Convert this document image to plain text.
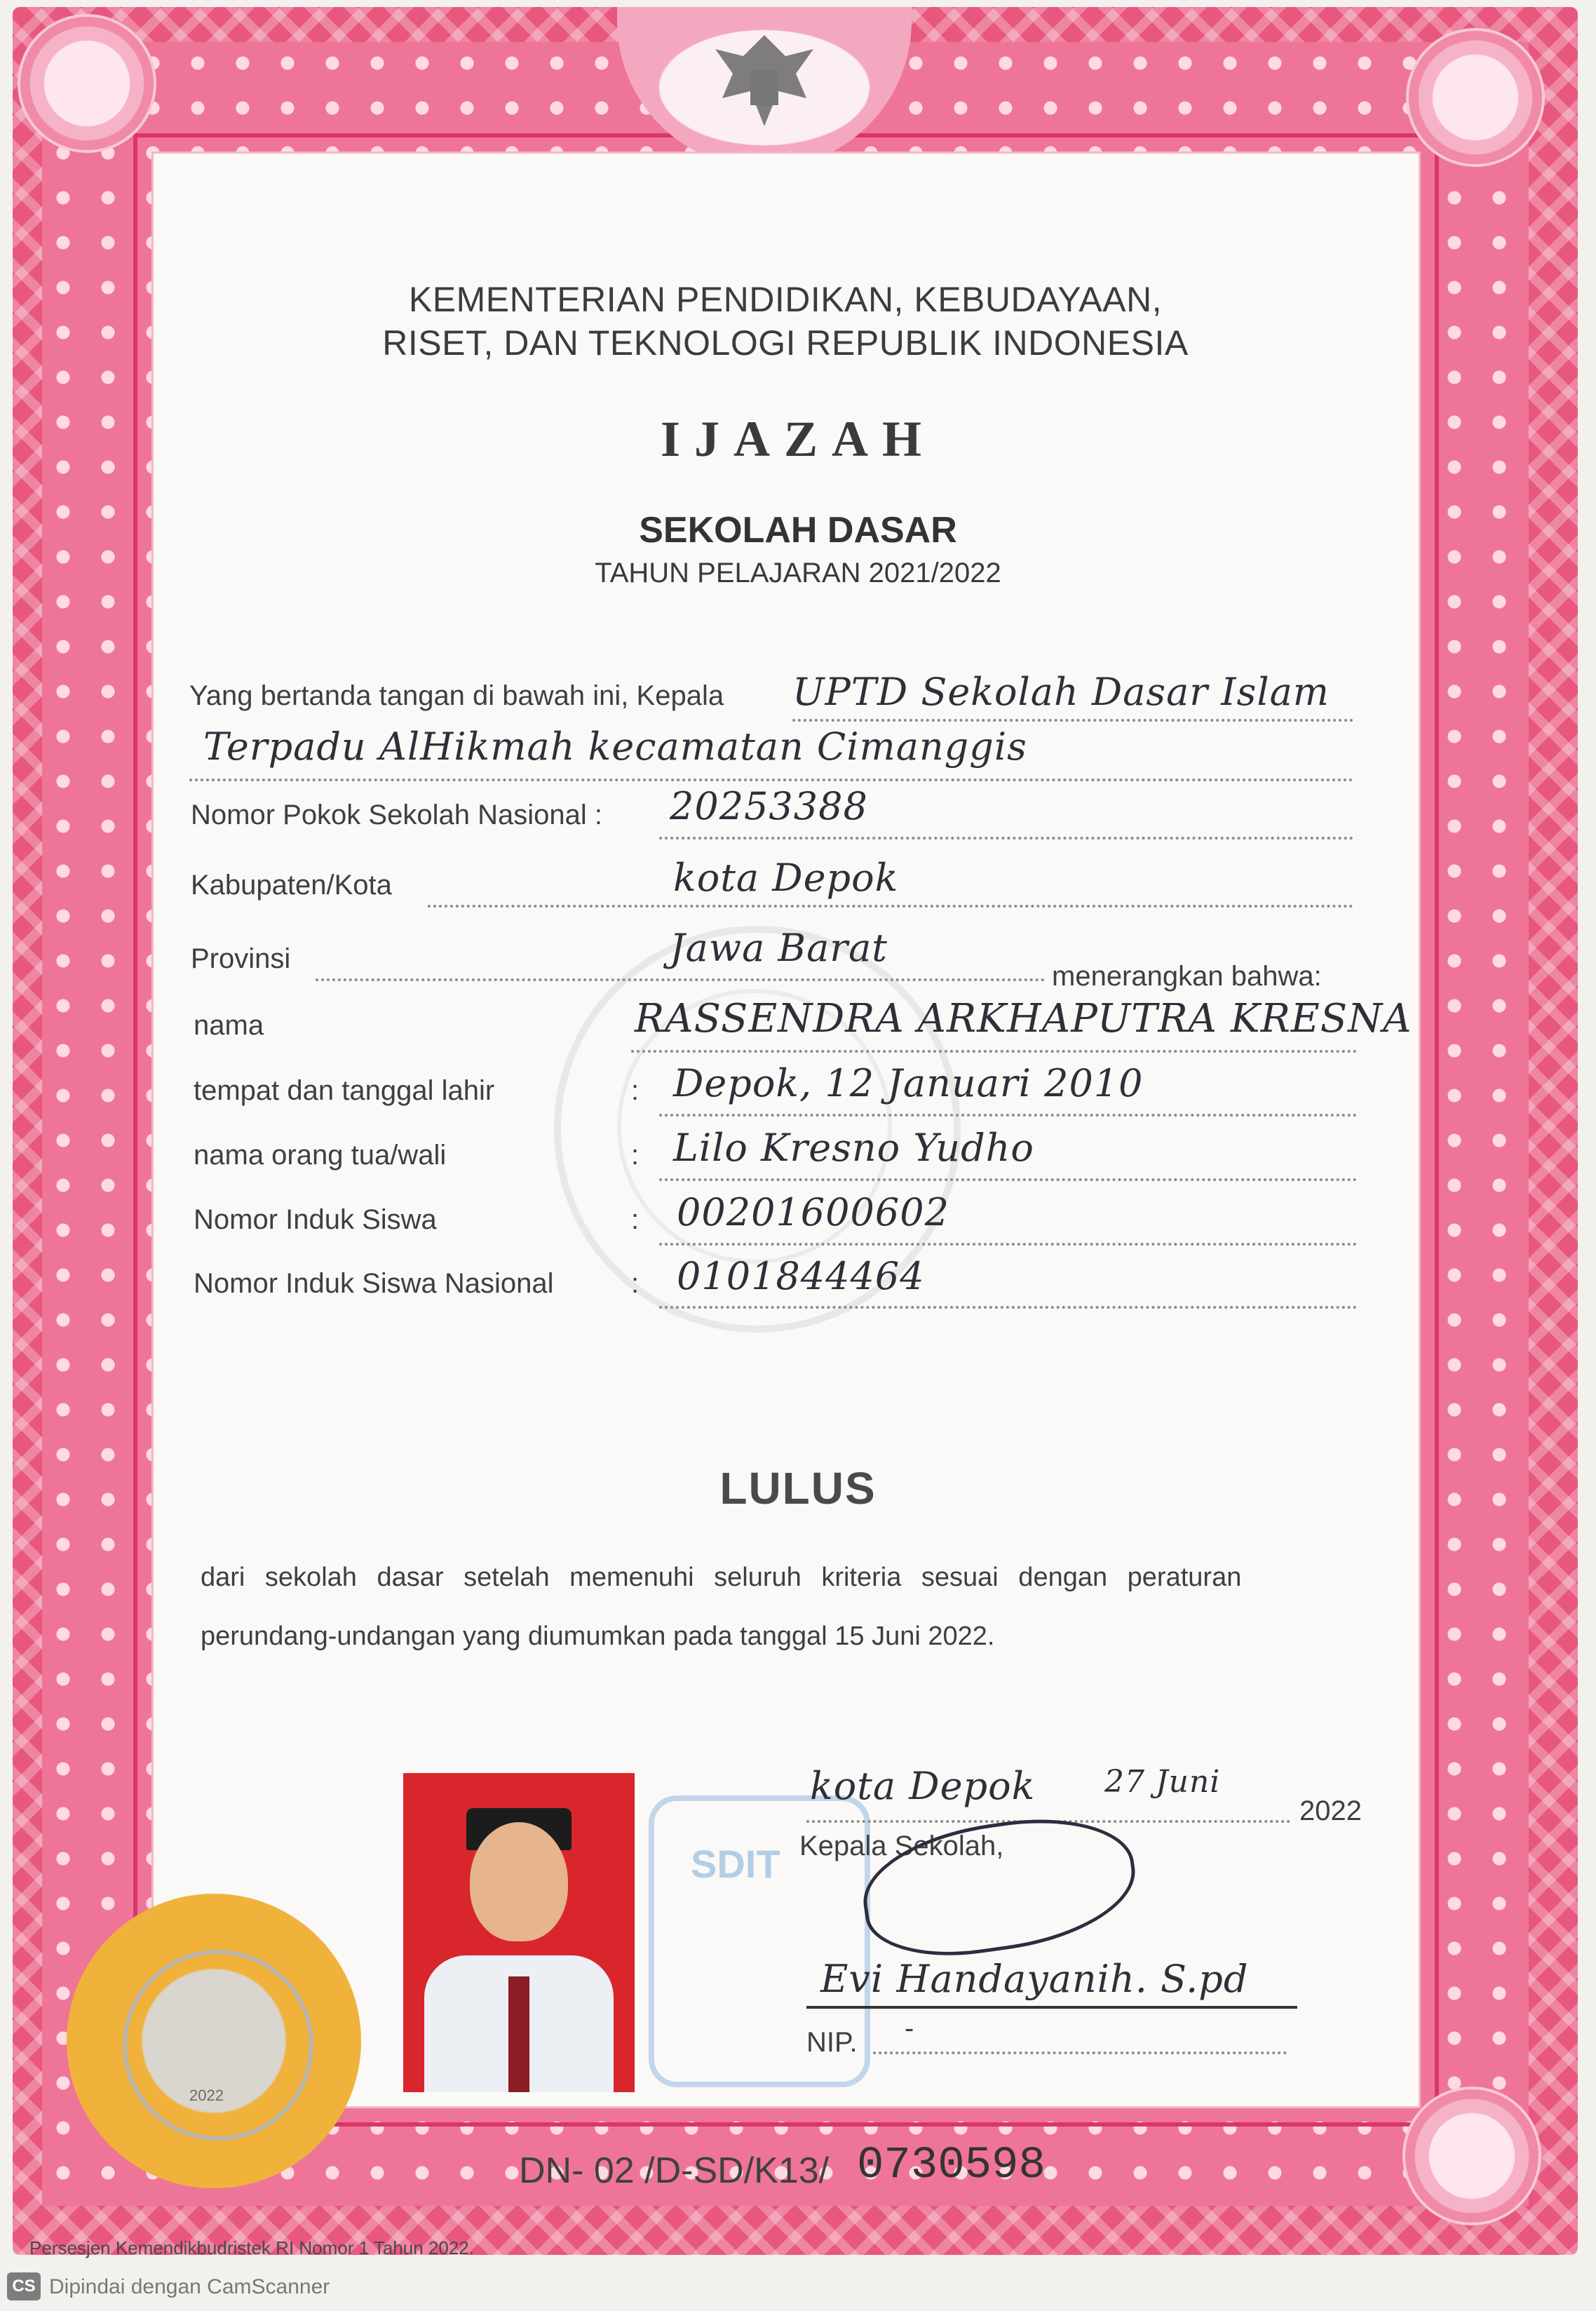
KEMENTERIAN PENDIDIKAN, KEBUDAYAAN,
RISET, DAN TEKNOLOGI REPUBLIK INDONESIA
IJAZAH
SEKOLAH DASAR
TAHUN PELAJARAN 2021/2022
Yang bertanda tangan di bawah ini, Kepala UPTD Sekolah Dasar Islam
Terpadu AlHikmah kecamatan Cimanggis
Nomor Pokok Sekolah Nasional : 20253388
Kabupaten/Kota	kota Depok
Provinsi	Jawa Barat
menerangkan bahwa:
nama	RASSENDRA ARKHAPUTRA KRESNA
tempat dan tanggal lahir	: Depok, 12 Januari 2010
nama orang tua/wali	: Lilo Kresno Yudho
Nomor Induk Siswa	: 00201600602
Nomor Induk Siswa Nasional	: 0101844464
LULUS
dari sekolah dasar setelah memenuhi seluruh kriteria sesuai dengan peraturan
perundang-undangan yang diumumkan pada tanggal 15 Juni 2022.
SDIT
2022
kota Depok 27 Juni
2022
Kepala Sekolah,
Evi Handayanih. S.pd
NIP. -
DN- 02 /D-SD/K13/ 0730598
Persesjen Kemendikbudristek RI Nomor 1 Tahun 2022.
CS Dipindai dengan CamScanner
